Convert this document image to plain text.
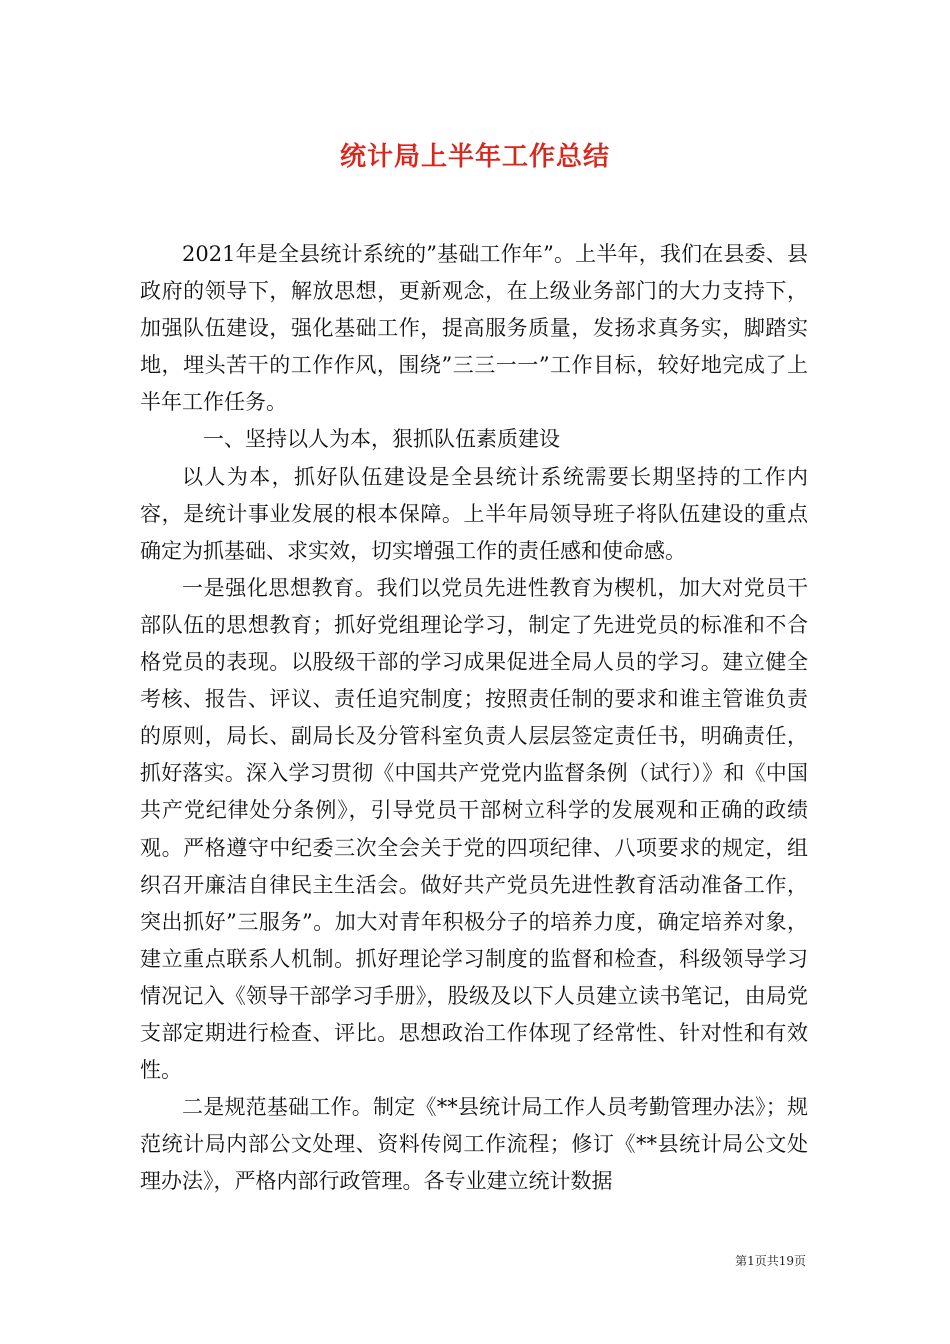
统计局上半年工作总结

2021年是全县统计系统的”基础工作年”。上半年，我们在县委、县政府的领导下，解放思想，更新观念，在上级业务部门的大力支持下，加强队伍建设，强化基础工作，提高服务质量，发扬求真务实，脚踏实地，埋头苦干的工作作风，围绕”三三一一”工作目标，较好地完成了上半年工作任务。

一、坚持以人为本，狠抓队伍素质建设

以人为本，抓好队伍建设是全县统计系统需要长期坚持的工作内容，是统计事业发展的根本保障。上半年局领导班子将队伍建设的重点确定为抓基础、求实效，切实增强工作的责任感和使命感。

一是强化思想教育。我们以党员先进性教育为楔机，加大对党员干部队伍的思想教育；抓好党组理论学习，制定了先进党员的标准和不合格党员的表现。以股级干部的学习成果促进全局人员的学习。建立健全考核、报告、评议、责任追究制度；按照责任制的要求和谁主管谁负责的原则，局长、副局长及分管科室负责人层层签定责任书，明确责任，抓好落实。深入学习贯彻《中国共产党党内监督条例（试行）》和《中国共产党纪律处分条例》，引导党员干部树立科学的发展观和正确的政绩观。严格遵守中纪委三次全会关于党的四项纪律、八项要求的规定，组织召开廉洁自律民主生活会。做好共产党员先进性教育活动准备工作，突出抓好”三服务”。加大对青年积极分子的培养力度，确定培养对象，建立重点联系人机制。抓好理论学习制度的监督和检查，科级领导学习情况记入《领导干部学习手册》，股级及以下人员建立读书笔记，由局党支部定期进行检查、评比。思想政治工作体现了经常性、针对性和有效性。

二是规范基础工作。制定《**县统计局工作人员考勤管理办法》；规范统计局内部公文处理、资料传阅工作流程；修订《**县统计局公文处理办法》，严格内部行政管理。各专业建立统计数据

第1页共19页
